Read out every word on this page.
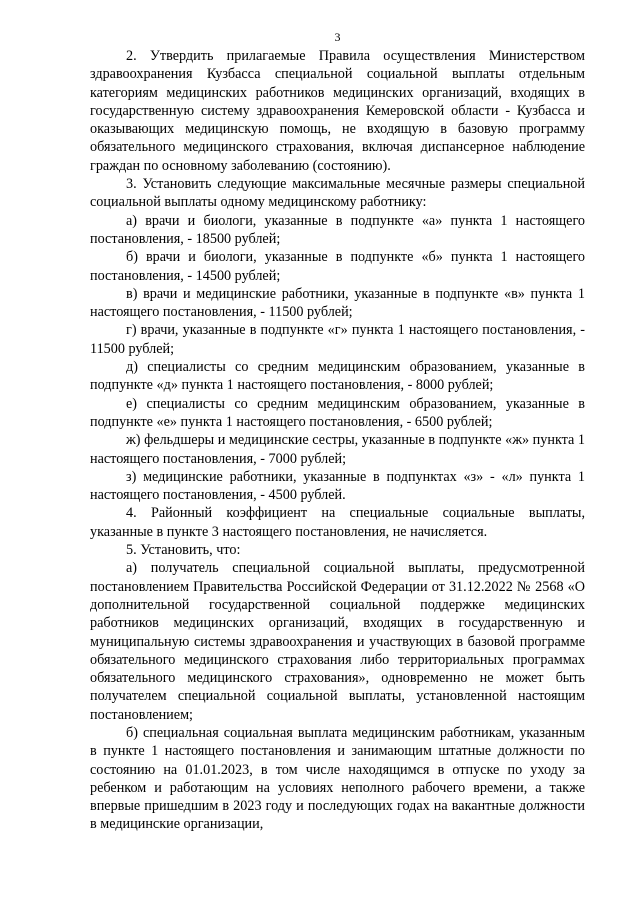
3

2. Утвердить прилагаемые Правила осуществления Министерством здравоохранения Кузбасса специальной социальной выплаты отдельным категориям медицинских работников медицинских организаций, входящих в государственную систему здравоохранения Кемеровской области - Кузбасса и оказывающих медицинскую помощь, не входящую в базовую программу обязательного медицинского страхования, включая диспансерное наблюдение граждан по основному заболеванию (состоянию).

3. Установить следующие максимальные месячные размеры специальной социальной выплаты одному медицинскому работнику:

а) врачи и биологи, указанные в подпункте «а» пункта 1 настоящего постановления, - 18500 рублей;

б) врачи и биологи, указанные в подпункте «б» пункта 1 настоящего постановления, - 14500 рублей;

в) врачи и медицинские работники, указанные в подпункте «в» пункта 1 настоящего постановления, - 11500 рублей;

г) врачи, указанные в подпункте «г» пункта 1 настоящего постановления, - 11500 рублей;

д) специалисты со средним медицинским образованием, указанные в подпункте «д» пункта 1 настоящего постановления, - 8000 рублей;

е) специалисты со средним медицинским образованием, указанные в подпункте «е» пункта 1 настоящего постановления, - 6500 рублей;

ж) фельдшеры и медицинские сестры, указанные в подпункте «ж» пункта 1 настоящего постановления, - 7000 рублей;

з) медицинские работники, указанные в подпунктах «з» - «л» пункта 1 настоящего постановления, - 4500 рублей.

4. Районный коэффициент на специальные социальные выплаты, указанные в пункте 3 настоящего постановления, не начисляется.

5. Установить, что:

а) получатель специальной социальной выплаты, предусмотренной постановлением Правительства Российской Федерации от 31.12.2022 № 2568 «О дополнительной государственной социальной поддержке медицинских работников медицинских организаций, входящих в государственную и муниципальную системы здравоохранения и участвующих в базовой программе обязательного медицинского страхования либо территориальных программах обязательного медицинского страхования», одновременно не может быть получателем специальной социальной выплаты, установленной настоящим постановлением;

б) специальная социальная выплата медицинским работникам, указанным в пункте 1 настоящего постановления и занимающим штатные должности по состоянию на 01.01.2023, в том числе находящимся в отпуске по уходу за ребенком и работающим на условиях неполного рабочего времени, а также впервые пришедшим в 2023 году и последующих годах на вакантные должности в медицинские организации,
